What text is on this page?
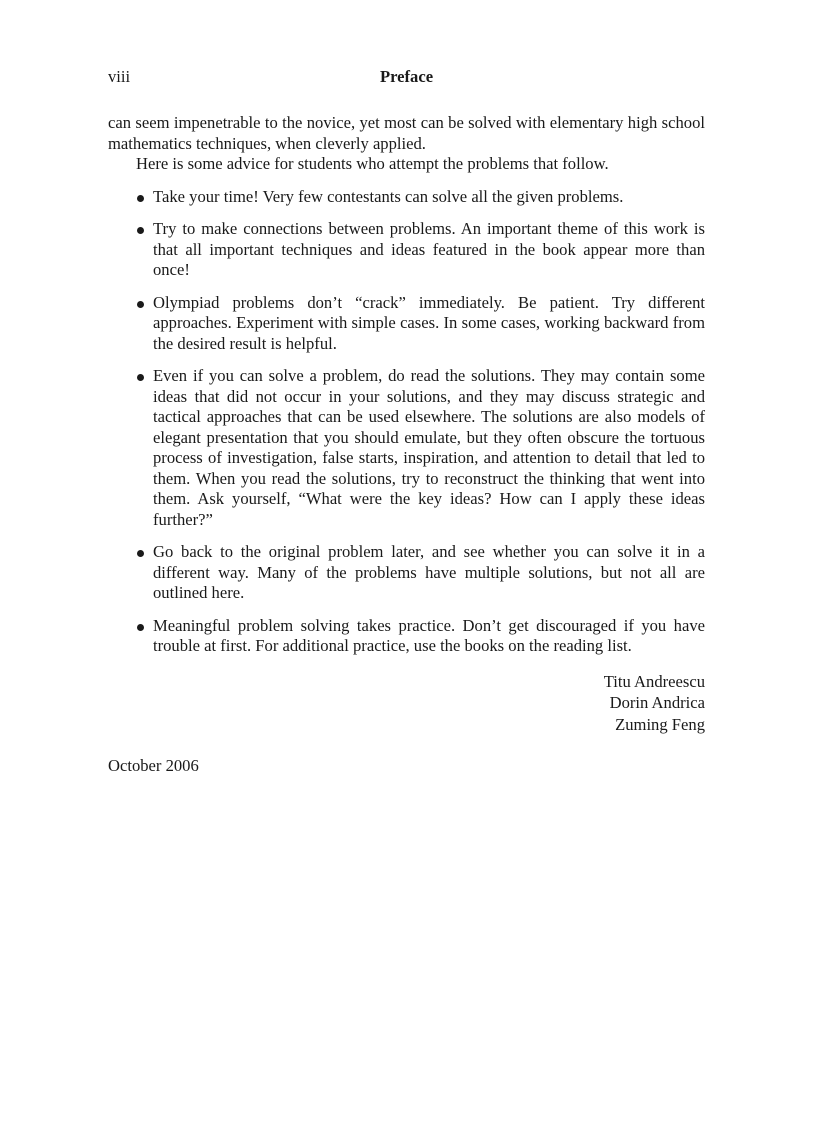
viii	Preface

can seem impenetrable to the novice, yet most can be solved with elementary high school mathematics techniques, when cleverly applied.

Here is some advice for students who attempt the problems that follow.

Take your time! Very few contestants can solve all the given problems.
Try to make connections between problems. An important theme of this work is that all important techniques and ideas featured in the book appear more than once!
Olympiad problems don’t “crack” immediately. Be patient. Try different approaches. Experiment with simple cases. In some cases, working backward from the desired result is helpful.
Even if you can solve a problem, do read the solutions. They may contain some ideas that did not occur in your solutions, and they may discuss strategic and tactical approaches that can be used elsewhere. The solutions are also models of elegant presentation that you should emulate, but they often obscure the tortuous process of investigation, false starts, inspiration, and attention to detail that led to them. When you read the solutions, try to reconstruct the thinking that went into them. Ask yourself, “What were the key ideas? How can I apply these ideas further?”
Go back to the original problem later, and see whether you can solve it in a different way. Many of the problems have multiple solutions, but not all are outlined here.
Meaningful problem solving takes practice. Don’t get discouraged if you have trouble at first. For additional practice, use the books on the reading list.
Titu Andreescu
Dorin Andrica
Zuming Feng
October 2006
